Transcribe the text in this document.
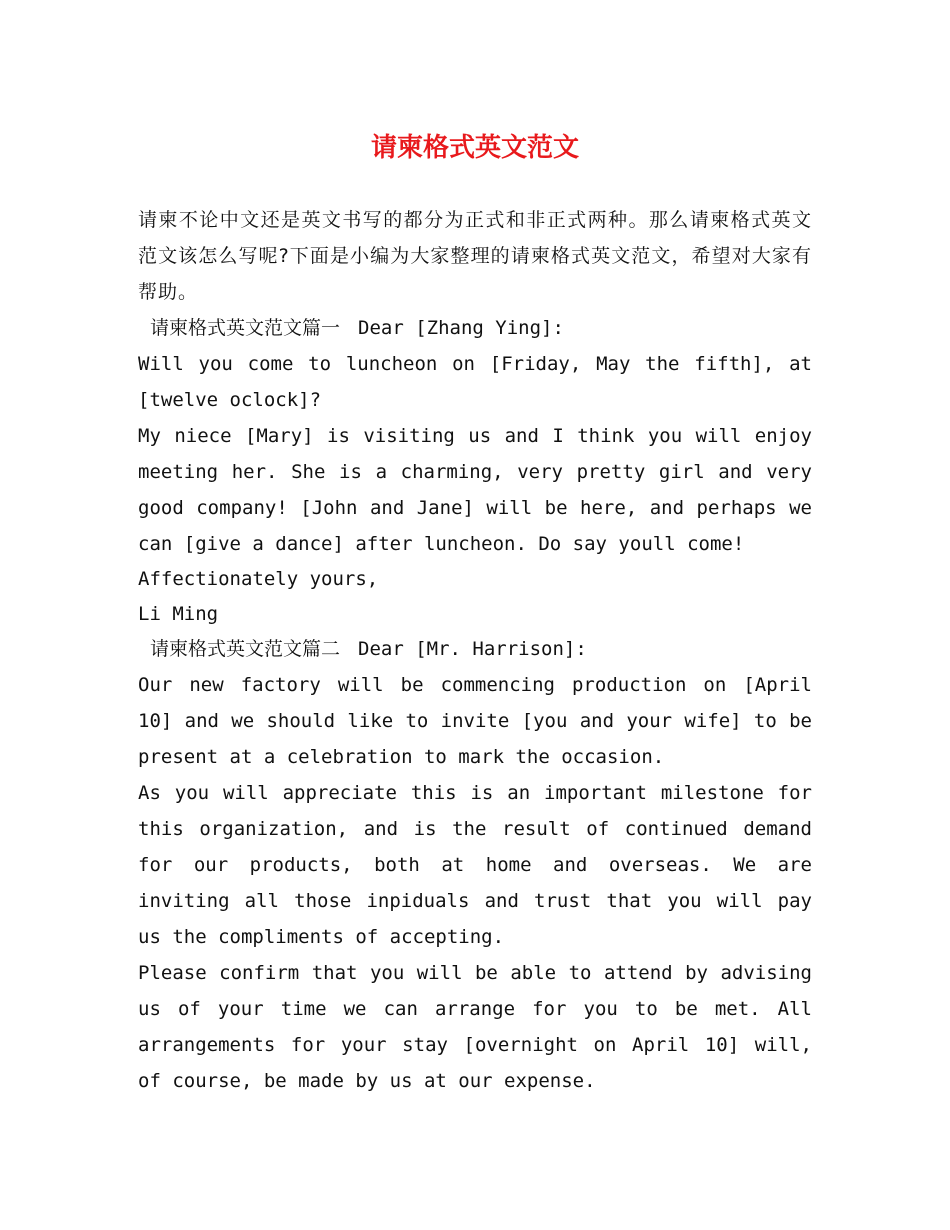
请柬格式英文范文

请柬不论中文还是英文书写的都分为正式和非正式两种。那么请柬格式英文范文该怎么写呢?下面是小编为大家整理的请柬格式英文范文，希望对大家有帮助。

请柬格式英文范文篇一 Dear [Zhang Ying]:

Will you come to luncheon on [Friday, May the fifth], at [twelve oclock]?

My niece [Mary] is visiting us and I think you will enjoy meeting her. She is a charming, very pretty girl and very good company! [John and Jane] will be here, and perhaps we can [give a dance] after luncheon. Do say youll come!

Affectionately yours,

Li Ming

请柬格式英文范文篇二 Dear [Mr. Harrison]:

Our new factory will be commencing production on [April 10] and we should like to invite [you and your wife] to be present at a celebration to mark the occasion.

As you will appreciate this is an important milestone for this organization, and is the result of continued demand for our products, both at home and overseas. We are inviting all those inpiduals and trust that you will pay us the compliments of accepting.

Please confirm that you will be able to attend by advising us of your time we can arrange for you to be met. All arrangements for your stay [overnight on April 10] will, of course, be made by us at our expense.
